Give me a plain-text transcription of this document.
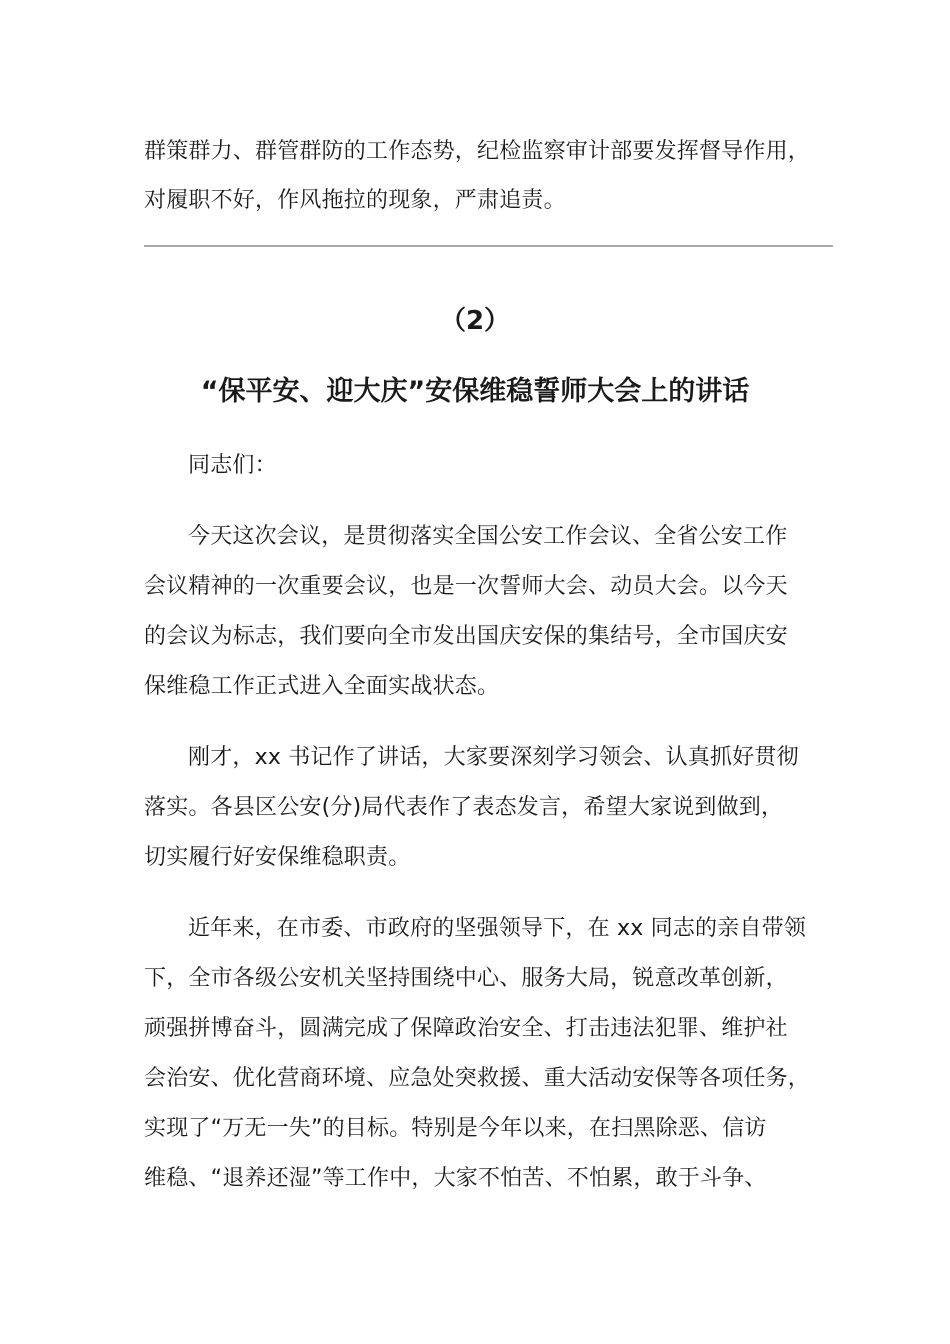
群策群力、群管群防的工作态势，纪检监察审计部要发挥督导作用，
对履职不好，作风拖拉的现象，严肃追责。
（2）
“保平安、迎大庆”安保维稳誓师大会上的讲话
同志们：
今天这次会议，是贯彻落实全国公安工作会议、全省公安工作
会议精神的一次重要会议，也是一次誓师大会、动员大会。以今天
的会议为标志，我们要向全市发出国庆安保的集结号，全市国庆安
保维稳工作正式进入全面实战状态。
刚才，xx 书记作了讲话，大家要深刻学习领会、认真抓好贯彻
落实。各县区公安(分)局代表作了表态发言，希望大家说到做到，
切实履行好安保维稳职责。
近年来，在市委、市政府的坚强领导下，在 xx 同志的亲自带领
下，全市各级公安机关坚持围绕中心、服务大局，锐意改革创新，
顽强拼博奋斗，圆满完成了保障政治安全、打击违法犯罪、维护社
会治安、优化营商环境、应急处突救援、重大活动安保等各项任务，
实现了“万无一失”的目标。特别是今年以来，在扫黑除恶、信访
维稳、“退养还湿”等工作中，大家不怕苦、不怕累，敢于斗争、
